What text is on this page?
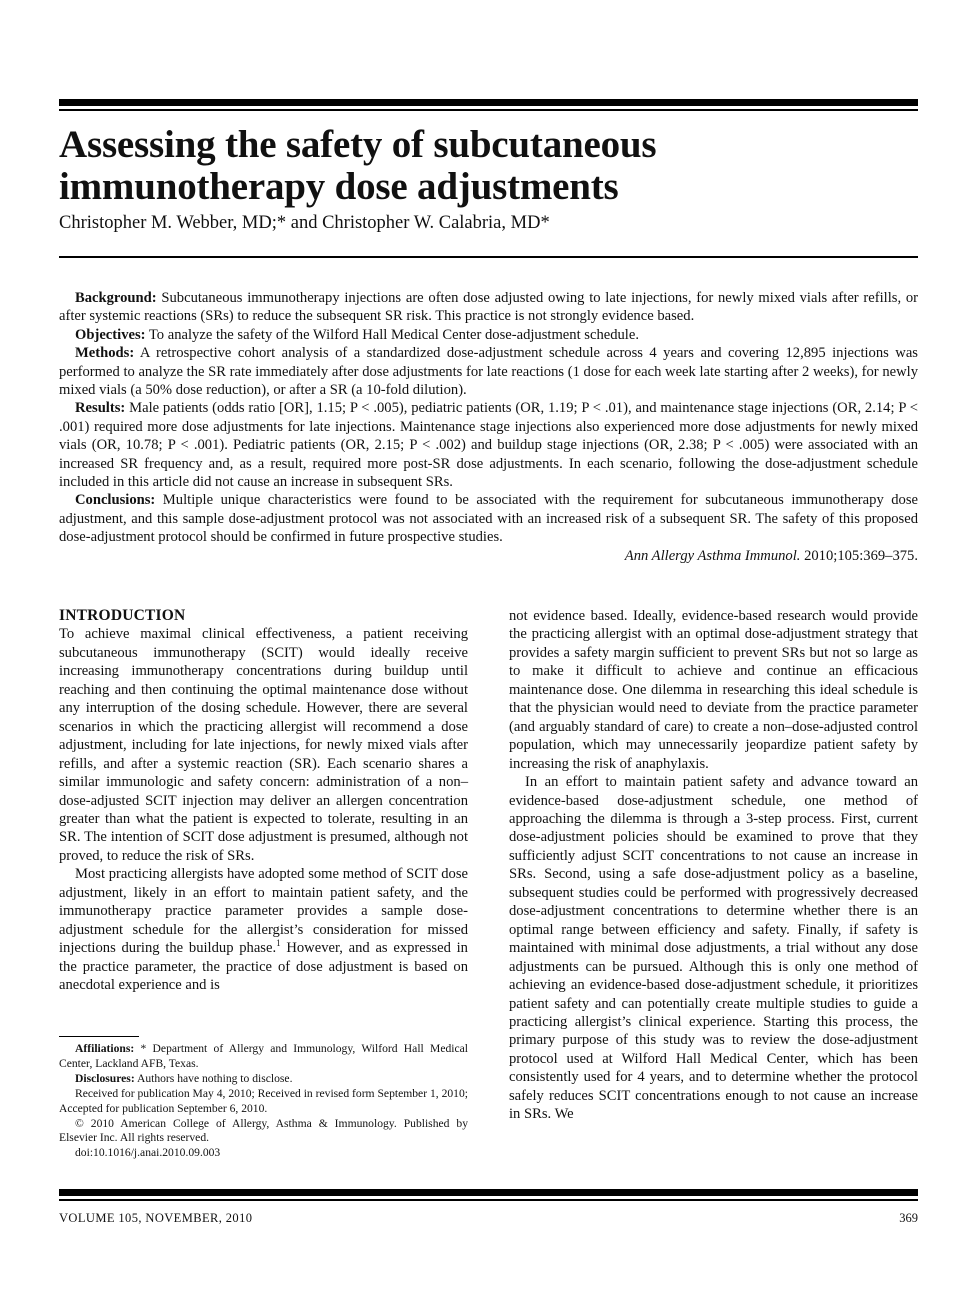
Assessing the safety of subcutaneous
immunotherapy dose adjustments

Christopher M. Webber, MD;* and Christopher W. Calabria, MD*

Background: Subcutaneous immunotherapy injections are often dose adjusted owing to late injections, for newly mixed vials after refills, or after systemic reactions (SRs) to reduce the subsequent SR risk. This practice is not strongly evidence based.

Objectives: To analyze the safety of the Wilford Hall Medical Center dose-adjustment schedule.

Methods: A retrospective cohort analysis of a standardized dose-adjustment schedule across 4 years and covering 12,895 injections was performed to analyze the SR rate immediately after dose adjustments for late reactions (1 dose for each week late starting after 2 weeks), for newly mixed vials (a 50% dose reduction), or after a SR (a 10-fold dilution).

Results: Male patients (odds ratio [OR], 1.15; P < .005), pediatric patients (OR, 1.19; P < .01), and maintenance stage injections (OR, 2.14; P < .001) required more dose adjustments for late injections. Maintenance stage injections also experienced more dose adjustments for newly mixed vials (OR, 10.78; P < .001). Pediatric patients (OR, 2.15; P < .002) and buildup stage injections (OR, 2.38; P < .005) were associated with an increased SR frequency and, as a result, required more post-SR dose adjustments. In each scenario, following the dose-adjustment schedule included in this article did not cause an increase in subsequent SRs.

Conclusions: Multiple unique characteristics were found to be associated with the requirement for subcutaneous immunotherapy dose adjustment, and this sample dose-adjustment protocol was not associated with an increased risk of a subsequent SR. The safety of this proposed dose-adjustment protocol should be confirmed in future prospective studies.

Ann Allergy Asthma Immunol. 2010;105:369–375.

INTRODUCTION

To achieve maximal clinical effectiveness, a patient receiving subcutaneous immunotherapy (SCIT) would ideally receive increasing immunotherapy concentrations during buildup until reaching and then continuing the optimal maintenance dose without any interruption of the dosing schedule. However, there are several scenarios in which the practicing allergist will recommend a dose adjustment, including for late injections, for newly mixed vials after refills, and after a systemic reaction (SR). Each scenario shares a similar immunologic and safety concern: administration of a non–dose-adjusted SCIT injection may deliver an allergen concentration greater than what the patient is expected to tolerate, resulting in an SR. The intention of SCIT dose adjustment is presumed, although not proved, to reduce the risk of SRs.

Most practicing allergists have adopted some method of SCIT dose adjustment, likely in an effort to maintain patient safety, and the immunotherapy practice parameter provides a sample dose-adjustment schedule for the allergist’s consideration for missed injections during the buildup phase.$^1$ However, and as expressed in the practice parameter, the practice of dose adjustment is based on anecdotal experience and is

Affiliations: * Department of Allergy and Immunology, Wilford Hall Medical Center, Lackland AFB, Texas.

Disclosures: Authors have nothing to disclose.

Received for publication May 4, 2010; Received in revised form September 1, 2010; Accepted for publication September 6, 2010.

© 2010 American College of Allergy, Asthma & Immunology. Published by Elsevier Inc. All rights reserved.

doi:10.1016/j.anai.2010.09.003

not evidence based. Ideally, evidence-based research would provide the practicing allergist with an optimal dose-adjustment strategy that provides a safety margin sufficient to prevent SRs but not so large as to make it difficult to achieve and continue an efficacious maintenance dose. One dilemma in researching this ideal schedule is that the physician would need to deviate from the practice parameter (and arguably standard of care) to create a non–dose-adjusted control population, which may unnecessarily jeopardize patient safety by increasing the risk of anaphylaxis.

In an effort to maintain patient safety and advance toward an evidence-based dose-adjustment schedule, one method of approaching the dilemma is through a 3-step process. First, current dose-adjustment policies should be examined to prove that they sufficiently adjust SCIT concentrations to not cause an increase in SRs. Second, using a safe dose-adjustment policy as a baseline, subsequent studies could be performed with progressively decreased dose-adjustment concentrations to determine whether there is an optimal range between efficiency and safety. Finally, if safety is maintained with minimal dose adjustments, a trial without any dose adjustments can be pursued. Although this is only one method of achieving an evidence-based dose-adjustment schedule, it prioritizes patient safety and can potentially create multiple studies to guide a practicing allergist’s clinical experience. Starting this process, the primary purpose of this study was to review the dose-adjustment protocol used at Wilford Hall Medical Center, which has been consistently used for 4 years, and to determine whether the protocol safely reduces SCIT concentrations enough to not cause an increase in SRs. We

VOLUME 105, NOVEMBER, 2010	369
